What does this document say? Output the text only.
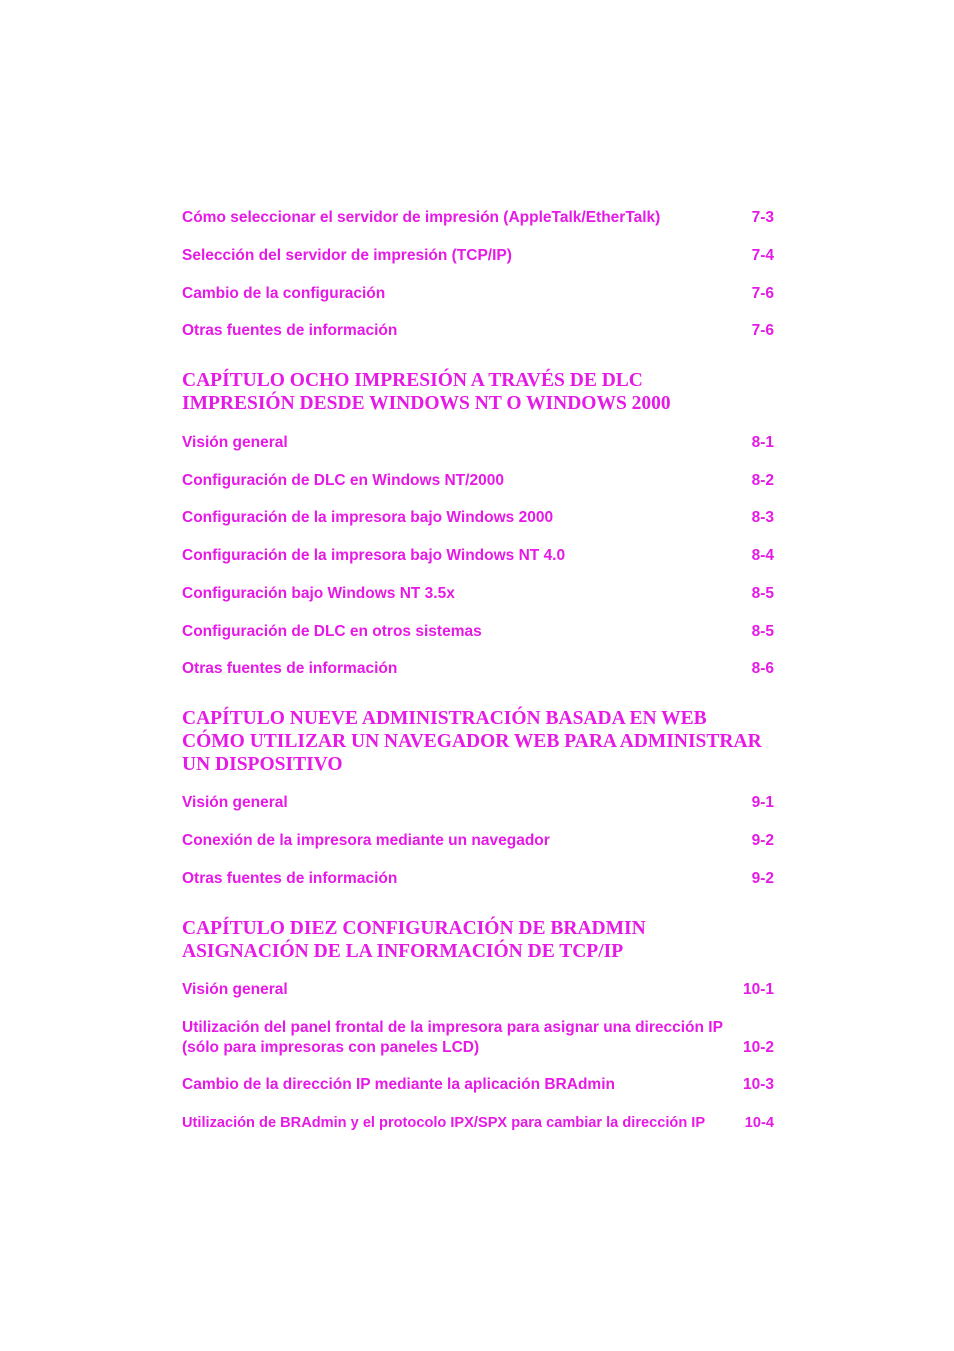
Cómo seleccionar el servidor de impresión (AppleTalk/EtherTalk)	7-3
Selección del servidor de impresión (TCP/IP)	7-4
Cambio de la configuración	7-6
Otras fuentes de información	7-6
CAPÍTULO OCHO IMPRESIÓN A TRAVÉS DE DLC
IMPRESIÓN DESDE WINDOWS NT O WINDOWS 2000
Visión general	8-1
Configuración de DLC en Windows NT/2000	8-2
Configuración de la impresora bajo Windows 2000	8-3
Configuración de la impresora bajo Windows NT 4.0	8-4
Configuración bajo Windows NT 3.5x	8-5
Configuración de DLC en otros sistemas	8-5
Otras fuentes de información	8-6
CAPÍTULO NUEVE ADMINISTRACIÓN BASADA EN WEB
CÓMO UTILIZAR UN NAVEGADOR WEB PARA ADMINISTRAR
UN DISPOSITIVO
Visión general	9-1
Conexión de la impresora mediante un navegador	9-2
Otras fuentes de información	9-2
CAPÍTULO DIEZ CONFIGURACIÓN DE BRADMIN
ASIGNACIÓN DE LA INFORMACIÓN DE TCP/IP
Visión general	10-1
Utilización del panel frontal de la impresora para asignar una dirección IP (sólo para impresoras con paneles LCD)	10-2
Cambio de la dirección IP mediante la aplicación BRAdmin	10-3
Utilización de BRAdmin y el protocolo IPX/SPX para cambiar la dirección IP	10-4
